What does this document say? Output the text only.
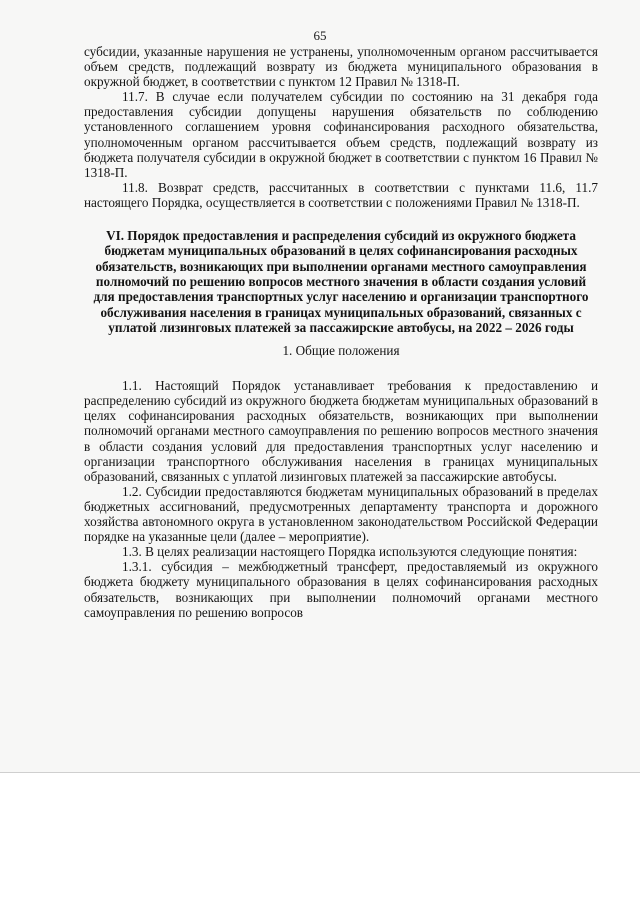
65

субсидии, указанные нарушения не устранены, уполномоченным органом рассчитывается объем средств, подлежащий возврату из бюджета муниципального образования в окружной бюджет, в соответствии с пунктом 12 Правил № 1318-П.

11.7. В случае если получателем субсидии по состоянию на 31 декабря года предоставления субсидии допущены нарушения обязательств по соблюдению установленного соглашением уровня софинансирования расходного обязательства, уполномоченным органом рассчитывается объем средств, подлежащий возврату из бюджета получателя субсидии в окружной бюджет в соответствии с пунктом 16 Правил № 1318-П.

11.8. Возврат средств, рассчитанных в соответствии с пунктами 11.6, 11.7 настоящего Порядка, осуществляется в соответствии с положениями Правил № 1318-П.

VI. Порядок предоставления и распределения субсидий из окружного бюджета бюджетам муниципальных образований в целях софинансирования расходных обязательств, возникающих при выполнении органами местного самоуправления полномочий по решению вопросов местного значения в области создания условий для предоставления транспортных услуг населению и организации транспортного обслуживания населения в границах муниципальных образований, связанных с уплатой лизинговых платежей за пассажирские автобусы, на 2022 – 2026 годы

1. Общие положения

1.1. Настоящий Порядок устанавливает требования к предоставлению и распределению субсидий из окружного бюджета бюджетам муниципальных образований в целях софинансирования расходных обязательств, возникающих при выполнении полномочий органами местного самоуправления по решению вопросов местного значения в области создания условий для предоставления транспортных услуг населению и организации транспортного обслуживания населения в границах муниципальных образований, связанных с уплатой лизинговых платежей за пассажирские автобусы.

1.2. Субсидии предоставляются бюджетам муниципальных образований в пределах бюджетных ассигнований, предусмотренных департаменту транспорта и дорожного хозяйства автономного округа в установленном законодательством Российской Федерации порядке на указанные цели (далее – мероприятие).

1.3. В целях реализации настоящего Порядка используются следующие понятия:

1.3.1. субсидия – межбюджетный трансферт, предоставляемый из окружного бюджета бюджету муниципального образования в целях софинансирования расходных обязательств, возникающих при выполнении полномочий органами местного самоуправления по решению вопросов
